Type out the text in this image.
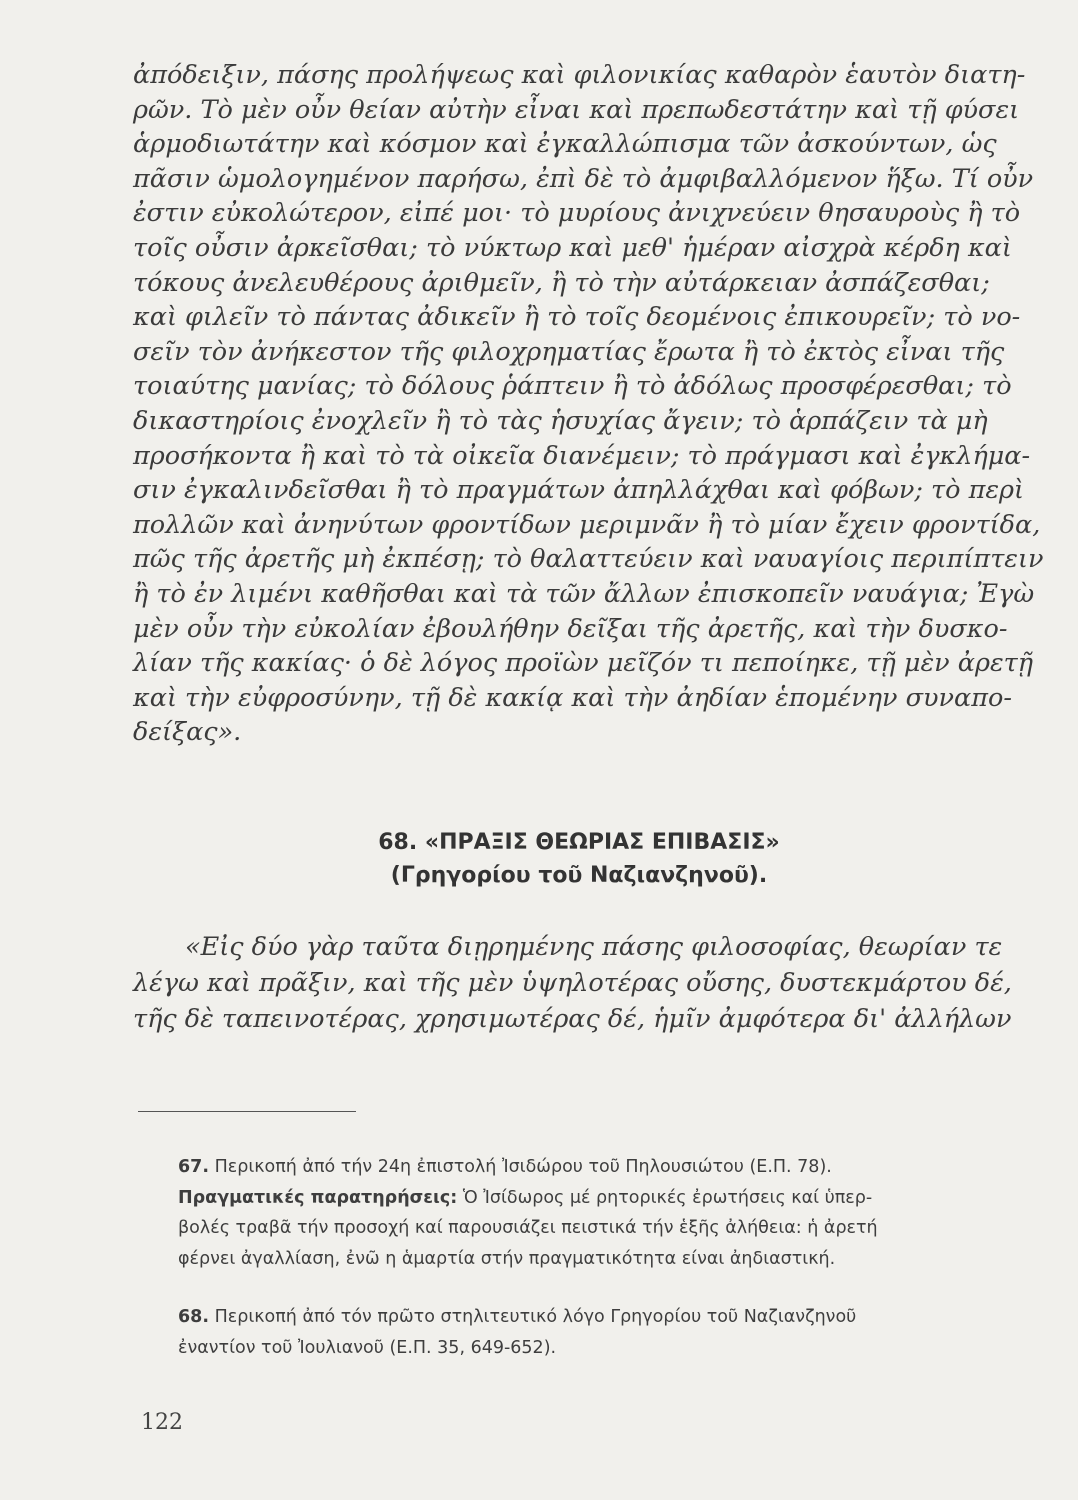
ἀπόδειξιν, πάσης προλήψεως καὶ φιλονικίας καθαρὸν ἑαυτὸν διατη-
ρῶν. Τὸ μὲν οὖν θείαν αὐτὴν εἶναι καὶ πρεπωδεστάτην καὶ τῇ φύσει
ἁρμοδιωτάτην καὶ κόσμον καὶ ἐγκαλλώπισμα τῶν ἀσκούντων, ὡς
πᾶσιν ὡμολογημένον παρήσω, ἐπὶ δὲ τὸ ἀμφιβαλλόμενον ἥξω. Τί οὖν
ἐστιν εὐκολώτερον, εἰπέ μοι· τὸ μυρίους ἀνιχνεύειν θησαυροὺς ἢ τὸ
τοῖς οὖσιν ἀρκεῖσθαι; τὸ νύκτωρ καὶ μεθ' ἡμέραν αἰσχρὰ κέρδη καὶ
τόκους ἀνελευθέρους ἀριθμεῖν, ἢ τὸ τὴν αὐτάρκειαν ἀσπάζεσθαι;
καὶ φιλεῖν τὸ πάντας ἀδικεῖν ἢ τὸ τοῖς δεομένοις ἐπικουρεῖν; τὸ νο-
σεῖν τὸν ἀνήκεστον τῆς φιλοχρηματίας ἔρωτα ἢ τὸ ἐκτὸς εἶναι τῆς
τοιαύτης μανίας; τὸ δόλους ῥάπτειν ἢ τὸ ἀδόλως προσφέρεσθαι; τὸ
δικαστηρίοις ἐνοχλεῖν ἢ τὸ τὰς ἡσυχίας ἄγειν; τὸ ἁρπάζειν τὰ μὴ
προσήκοντα ἢ καὶ τὸ τὰ οἰκεῖα διανέμειν; τὸ πράγμασι καὶ ἐγκλήμα-
σιν ἐγκαλινδεῖσθαι ἢ τὸ πραγμάτων ἀπηλλάχθαι καὶ φόβων; τὸ περὶ
πολλῶν καὶ ἀνηνύτων φροντίδων μεριμνᾶν ἢ τὸ μίαν ἔχειν φροντίδα,
πῶς τῆς ἀρετῆς μὴ ἐκπέσῃ; τὸ θαλαττεύειν καὶ ναυαγίοις περιπίπτειν
ἢ τὸ ἐν λιμένι καθῆσθαι καὶ τὰ τῶν ἄλλων ἐπισκοπεῖν ναυάγια; Ἐγὼ
μὲν οὖν τὴν εὐκολίαν ἐβουλήθην δεῖξαι τῆς ἀρετῆς, καὶ τὴν δυσκο-
λίαν τῆς κακίας· ὁ δὲ λόγος προϊὼν μεῖζόν τι πεποίηκε, τῇ μὲν ἀρετῇ
καὶ τὴν εὐφροσύνην, τῇ δὲ κακίᾳ καὶ τὴν ἀηδίαν ἑπομένην συναπο-
δείξας».
68. «ΠΡΑΞΙΣ ΘΕΩΡΙΑΣ ΕΠΙΒΑΣΙΣ»
(Γρηγορίου τοῦ Ναζιανζηνοῦ).
«Εἰς δύο γὰρ ταῦτα διῃρημένης πάσης φιλοσοφίας, θεωρίαν τε
λέγω καὶ πρᾶξιν, καὶ τῆς μὲν ὑψηλοτέρας οὔσης, δυστεκμάρτου δέ,
τῆς δὲ ταπεινοτέρας, χρησιμωτέρας δέ, ἡμῖν ἀμφότερα δι' ἀλλήλων
67. Περικοπή ἀπό τήν 24η ἐπιστολή Ἰσιδώρου τοῦ Πηλουσιώτου (Ε.Π. 78).
Πραγματικές παρατηρήσεις: Ὁ Ἰσίδωρος μέ ρητορικές ἐρωτήσεις καί ὑπερ-
βολές τραβᾶ τήν προσοχή καί παρουσιάζει πειστικά τήν ἑξῆς ἀλήθεια: ἡ ἀρετή
φέρνει ἀγαλλίαση, ἐνῶ η ἁμαρτία στήν πραγματικότητα είναι ἀηδιαστική.
68. Περικοπή ἀπό τόν πρῶτο στηλιτευτικό λόγο Γρηγορίου τοῦ Ναζιανζηνοῦ
ἐναντίον τοῦ Ἰουλιανοῦ (Ε.Π. 35, 649-652).
122
